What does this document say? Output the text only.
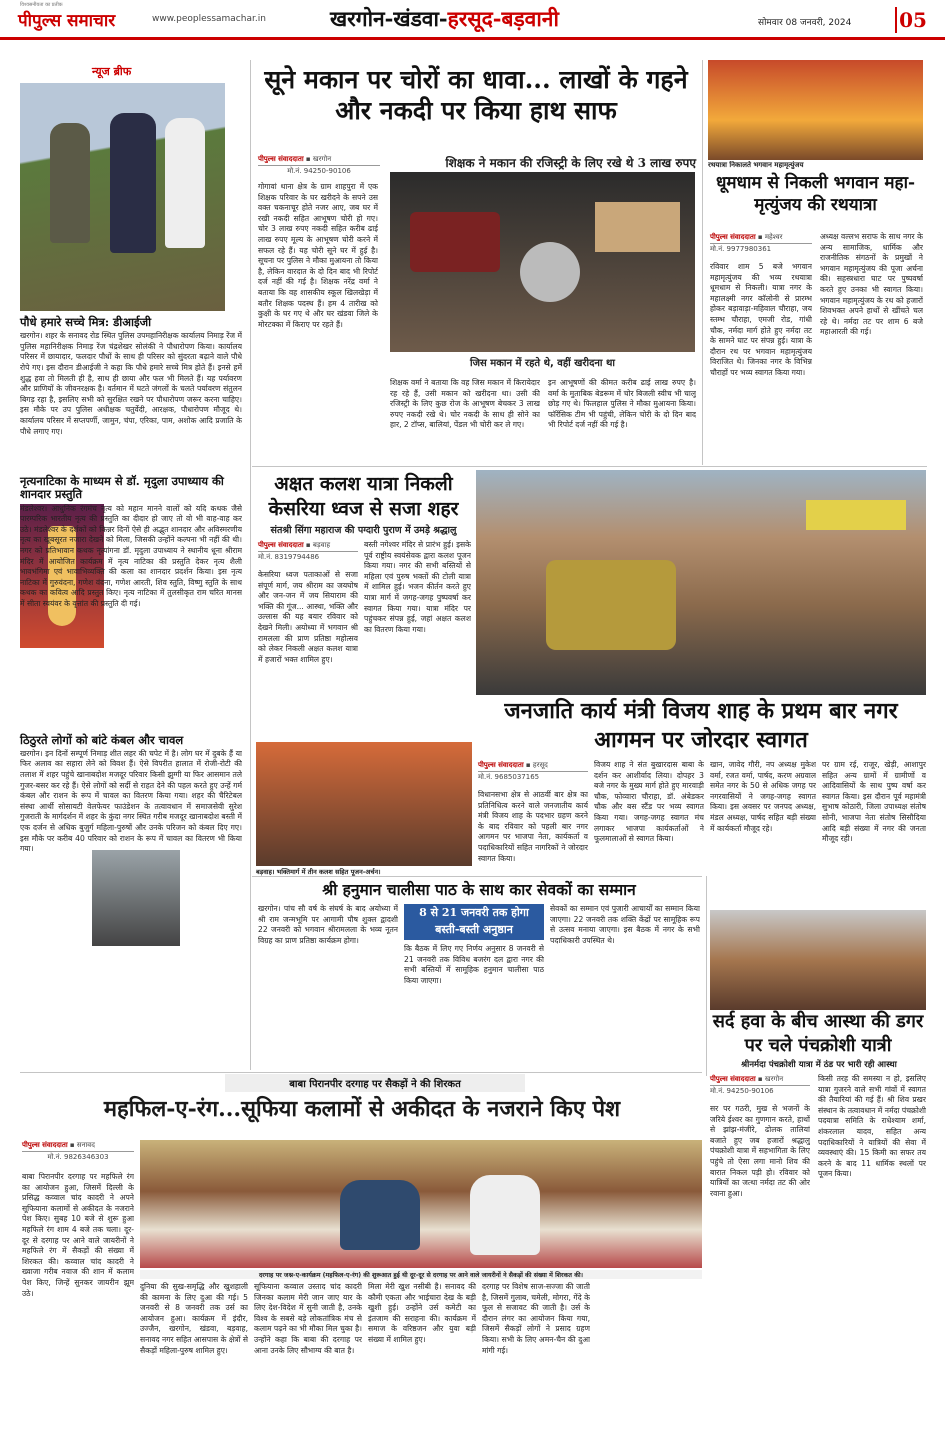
विश्वसनीयता का प्रतीक
पीपुल्स समाचार	www.peoplessamachar.in	खरगोन-खंडवा-हरसूद-बड़वानी	सोमवार 08 जनवरी, 2024 05
न्यूज ब्रीफ
पौधे हमारे सच्चे मित्र: डीआईजी
खरगोन। शहर के सनावद रोड स्थित पुलिस उपमहानिरीक्षक कार्यालय निमाड़ रेंज में पुलिस महानिरीक्षक निमाड़ रेंज चंद्रशेखर सोलंकी ने पौधारोपण किया। कार्यालय परिसर में छायादार, फलदार पौधों के साथ ही परिसर को सुंदरता बढ़ाने वाले पौधे रोपे गए। इस दौरान डीआईजी ने कहा कि पौधे हमारे सच्चे मित्र होते हैं। इनसे हमें शुद्ध हवा तो मिलती ही है, साथ ही छाया और फल भी मिलते हैं। यह पर्यावरण और प्राणियों के जीवनरक्षक है। वर्तमान में घटते जंगलों के चलते पर्यावरण संतुलन बिगड़ रहा है, इसलिए सभी को सुरक्षित रखने पर पौधारोपण जरूर करना चाहिए। इस मौके पर उप पुलिस अधीक्षक चतुर्वेदी, आरक्षक, पौधारोपण मौजूद थे। कार्यालय परिसर में सप्तपर्णी, जामुन, चंपा, एरिका, पाम, अशोक आदि प्रजाति के पौधे लगाए गए।
नृत्यनाटिका के माध्यम से डॉ. मृदुला उपाध्याय की शानदार प्रस्तुति
मंडलेश्वर। आधुनिक रंगमंच नृत्य को महान मानने वालों को यदि कथक जैसे पारम्परिक भारतीय नृत्य की प्रस्तुति का दीदार हो जाए तो वो भी वाह-वाह कर उठे। मंडलेश्वर के दर्शकों को किन्नर दिनों ऐसे ही अद्भुत शानदार और अविस्मरणीय नृत्य का खूबसूरत नजारा देखने को मिला, जिसकी उन्होंने कल्पना भी नहीं की थी। नगर को प्रतिभावान कथक नृत्यांगना डॉ. मृदुला उपाध्याय ने स्थानीय धूना श्रीराम मंदिर में आयोजित कार्यक्रम में नृत्य नाटिका की प्रस्तुति देकर नृत्य शैली भावभंगिमा एवं भावाभिव्यक्ति की कला का शानदार प्रदर्शन किया। इस नृत्य नाटिका में गुरुवंदना, गणेश वंदना, गणेश आरती, शिव स्तुति, विष्णु स्तुति के साथ कथक का कवित्व आदि प्रस्तुत किए। नृत्य नाटिका में तुलसीकृत राम चरित मानस में सीता स्वयंवर के वृत्तांत की प्रस्तुति दी गई।
ठिठुरते लोगों को बांटे कंबल और चावल
खरगोन। इन दिनों सम्पूर्ण निमाड़ शीत लहर की चपेट में है। लोग घर में दुबके हैं या फिर अलाव का सहारा लेने को विवश हैं। ऐसे विपरीत हालात में रोजी-रोटी की तलाश में शहर पहुंचे खानाबदोश मजदूर परिवार किसी झुग्गी या फिर आसमान तले गुजर-बसर कर रहे हैं। ऐसे लोगों को सर्दी से राहत देने की पहल करते हुए उन्हें गर्म कंबल और राशन के रूप में चावल का वितरण किया गया। शहर की चैरिटेबल संस्था आर्थी सोसायटी वेलफेयर फाउंडेशन के तत्वावधान में समाजसेवी सुरेश गुजराती के मार्गदर्शन में शहर के कुंदा नगर स्थित गरीब मजदूर खानाबदोश बस्ती में एक दर्जन से अधिक बुजुर्ग महिला-पुरुषों और उनके परिजन को कंबल दिए गए। इस मौके पर करीब 40 परिवार को राशन के रूप में चावल का वितरण भी किया गया।
सूने मकान पर चोरों का धावा... लाखों के गहने और नकदी पर किया हाथ साफ
पीपुल्स संवाददाता ▪ खरगोन
मो.नं. 94250-90106
शिक्षक ने मकान की रजिस्ट्री के लिए रखे थे 3 लाख रुपए
गोगावां थाना क्षेत्र के ग्राम शाहपुरा में एक शिक्षक परिवार के घर खरीदने के सपने उस वक्त चकनाचूर होते नजर आए, जब घर में रखी नकदी सहित आभूषण चोरी हो गए। चोर 3 लाख रुपए नकदी सहित करीब ढाई लाख रुपए मूल्य के आभूषण चोरी करने में सफल रहे हैं। यह चोरी सूने घर में हुई है। सूचना पर पुलिस ने मौका मुआयना तो किया है, लेकिन वारदात के दो दिन बाद भी रिपोर्ट दर्ज नहीं की गई है। शिक्षक नरेंद्र वर्मा ने बताया कि वह शासकीय स्कूल खिलखेड़ा में बतौर शिक्षक पदस्थ हैं। हम 4 तारीख को कुक्षी के घर गए थे और घर खंडवा जिले के मोरटक्का में किराए पर रहते हैं।
जिस मकान में रहते थे, वहीं खरीदना था
शिक्षक वर्मा ने बताया कि वह जिस मकान में किरायेदार रह रहे हैं, उसी मकान को खरीदना था। उसी की रजिस्ट्री के लिए कुछ रोज के आभूषण बेचकर 3 लाख रुपए नकदी रखे थे। चोर नकदी के साथ ही सोने का हार, 2 टॉप्स, बालियां, पेंडल भी चोरी कर ले गए।
इन आभूषणों की कीमत करीब ढाई लाख रुपए है। वर्मा के मुताबिक बेडरूम में चोर बिजली स्वीच भी चालू छोड़ गए थे। फिलहाल पुलिस ने मौका मुआयना किया। फॉरेंसिक टीम भी पहुंची, लेकिन चोरी के दो दिन बाद भी रिपोर्ट दर्ज नहीं की गई है।
रथयात्रा निकालते भगवान महामृत्युंजय
धूमधाम से निकली भगवान महा-मृत्युंजय की रथयात्रा
पीपुल्स संवाददाता ▪ महेश्वर
मो.नं. 9977980361
रविवार शाम 5 बजे भगवान महामृत्युंजय की भव्य रथयात्रा धूमधाम से निकली। यात्रा नगर के महालक्ष्मी नगर कॉलोनी से प्रारम्भ होकर बड़ावाड़ा-महिवाल चौराहा, जय स्तम्भ चौराहा, एमजी रोड, गांधी चौक, नर्मदा मार्ग होते हुए नर्मदा तट के सामने घाट पर संपन्न हुई। यात्रा के दौरान रथ पर भगवान महामृत्युंजय विराजित थे। जिनका नगर के विभिन्न चौराहों पर भव्य स्वागत किया गया।
अध्यक्ष वल्लभ सराफ के साथ नगर के अन्य सामाजिक, धार्मिक और राजनीतिक संगठनों के प्रमुखों ने भगवान महामृत्युंजय की पूजा अर्चना की। सहस्त्रधारा घाट पर पुष्पवर्षा करते हुए उनका भी स्वागत किया। भगवान महामृत्युंजय के रथ को हजारों शिवभक्त अपने हाथों से खींचते चल रहे थे। नर्मदा तट पर शाम 6 बजे महाआरती की गई।
अक्षत कलश यात्रा निकली केसरिया ध्वज से सजा शहर
संतश्री सिंगा महाराज की पग्दारी पुराण में उमड़े श्रद्धालु
पीपुल्स संवाददाता ▪ बड़वाह
मो.नं. 8319794486
केसरिया ध्वज पताकाओं से सजा संपूर्ण मार्ग, जय श्रीराम का जयघोष और जन-जन में जय सियाराम की भक्ति की गूंज... आस्था, भक्ति और उल्लास की यह बयार रविवार को देखने मिली। अयोध्या में भगवान श्री रामलला की प्राण प्रतिष्ठा महोत्सव को लेकर निकली अक्षत कलश यात्रा में हजारों भक्त शामिल हुए।
बस्ती नगेश्वर मंदिर से प्रारंभ हुई। इसके पूर्व राष्ट्रीय स्वयंसेवक द्वारा कलश पूजन किया गया। नगर की सभी बस्तियों से महिला एवं पुरुष भक्तों की टोली यात्रा में शामिल हुई। भजन कीर्तन करते हुए यात्रा मार्ग में जगह-जगह पुष्पवर्षा कर स्वागत किया गया। यात्रा मंदिर पर पहुंचकर संपन्न हुई, जहां अक्षत कलश का वितरण किया गया।
बड़वाह। भक्तिमार्ग में तीन कलश सहित पूजन-अर्चन।
जनजाति कार्य मंत्री विजय शाह के प्रथम बार नगर आगमन पर जोरदार स्वागत
पीपुल्स संवाददाता ▪ हरसूद
मो.नं. 9685037165
विधानसभा क्षेत्र से आठवीं बार क्षेत्र का प्रतिनिधित्व करने वाले जनजातीय कार्य मंत्री विजय शाह के पदभार ग्रहण करने के बाद रविवार को पहली बार नगर आगमन पर भाजपा नेता, कार्यकर्ता व पदाधिकारियों सहित नागरिकों ने जोरदार स्वागत किया।
विजय शाह ने संत बुखारदास बाबा के दर्शन कर आशीर्वाद लिया। दोपहर 3 बजे नगर के मुख्य मार्ग होते हुए मारवाड़ी चौक, फोव्वारा चौराहा, डॉ. अंबेडकर चौक और बस स्टैंड पर भव्य स्वागत किया गया। जगह-जगह स्वागत मंच लगाकर भाजपा कार्यकर्ताओं ने फूलमालाओं से स्वागत किया।
खान, जावेद गौरी, नप अध्यक्ष मुकेश वर्मा, रजत वर्मा, पार्षद, करण अग्रवाल समेत नगर के 50 से अधिक जगह पर नगरवासियों ने जगह-जगह स्वागत किया। इस अवसर पर जनपद अध्यक्ष, मंडल अध्यक्ष, पार्षद सहित बड़ी संख्या में कार्यकर्ता मौजूद रहे।
पर ग्राम रई, राजूर, खेड़ी, आशापुर सहित अन्य ग्रामों में ग्रामीणों व आदिवासियों के साथ पुष्प वर्षा कर स्वागत किया। इस दौरान पूर्व महामंत्री सुभाष कोठारी, जिला उपाध्यक्ष संतोष सोनी, भाजपा नेता संतोष सिसौदिया आदि बड़ी संख्या में नगर की जनता मौजूद रही।
श्री हनुमान चालीसा पाठ के साथ कार सेवकों का सम्मान
खरगोन। पांच सौ वर्ष के संघर्ष के बाद अयोध्या में श्री राम जन्मभूमि पर आगामी पौष शुक्ल द्वादशी 22 जनवरी को भगवान श्रीरामलला के भव्य नूतन विग्रह का प्राण प्रतिष्ठा कार्यक्रम होगा।
8 से 21 जनवरी तक होगा
बस्ती-बस्ती अनुष्ठान
कि बैठक में लिए गए निर्णय अनुसार 8 जनवरी से 21 जनवरी तक विविध बजरंग दल द्वारा नगर की सभी बस्तियों में सामूहिक हनुमान चालीसा पाठ किया जाएगा।
सेवकों का सम्मान एवं पुजारी आचार्यों का सम्मान किया जाएगा। 22 जनवरी तक शक्ति केंद्रों पर सामूहिक रूप से उत्सव मनाया जाएगा। इस बैठक में नगर के सभी पदाधिकारी उपस्थित थे।
सर्द हवा के बीच आस्था की डगर पर चले पंचक्रोशी यात्री
श्रीनर्मदा पंचक्रोशी यात्रा में ठंड पर भारी रही आस्था
पीपुल्स संवाददाता ▪ खरगोन
मो.नं. 94250-90106
सर पर गठरी, मुख से भजनों के जरिये ईश्वर का गुणगान करते, हाथों से झांझ-मंजीरे, ढोलक तालियां बजाते हुए जब हजारों श्रद्धालु पंचक्रोशी यात्रा में सहभागिता के लिए पहुंचे तो ऐसा लगा मानो शिव की बारात निकल पड़ी हो। रविवार को यात्रियों का जत्था नर्मदा तट की ओर रवाना हुआ।
किसी तरह की समस्या न हो, इसलिए यात्रा गुजरने वाले सभी गांवों में स्वागत की तैयारियां की गई हैं। श्री शिव प्रखर संस्थान के तत्वावधान में नर्मदा पंचक्रोशी पदयात्रा समिति के राधेश्याम शर्मा, शंकरलाल यादव, सहित अन्य पदाधिकारियों ने यात्रियों की सेवा में व्यवस्थाएं की। 15 किमी का सफर तय करने के बाद 11 धार्मिक स्थलों पर पूजन किया।
बाबा पिरानपीर दरगाह पर सैकड़ों ने की शिरकत
महफिल-ए-रंग...सूफिया कलामों से अकीदत के नजराने किए पेश
पीपुल्स संवाददाता ▪ सनावद
मो.नं. 9826346303
बाबा पिरानपीर दरगाह पर महफिले रंग का आयोजन हुआ, जिसमें दिल्ली के प्रसिद्ध कव्वाल चांद कादरी ने अपने सूफियाना कलामों से अकीदत के नजराने पेश किए। सुबह 10 बजे से शुरू हुआ महफिले रंग शाम 4 बजे तक चला। दूर-दूर से दरगाह पर आने वाले जायरीनों ने महफिले रंग में सैकड़ों की संख्या में शिरकत की। कव्वाल चांद कादरी ने ख्वाजा गरीब नवाज की शान में कलाम पेश किए, जिन्हें सुनकर जायरीन झूम उठे।
दरगाह पर जश्न-ए-कार्यक्रम (महफिल-ए-रंग) की शुरूआत हुई थी दूर-दूर से दरगाह पर आने वाले जायरीनों ने सैकड़ों की संख्या में शिरकत की।
दुनिया की सुख-समृद्धि और खुशहाली की कामना के लिए दुआ की गई। 5 जनवरी से 8 जनवरी तक उर्स का आयोजन हुआ। कार्यक्रम में इंदौर, उज्जैन, खरगोन, खंडवा, बड़वाह, सनावद नगर सहित आसपास के क्षेत्रों से सैकड़ों महिला-पुरुष शामिल हुए।
सूफियाना कव्वाल उस्ताद चांद कादरी जिनका कलाम मेरी जान जाए यार के लिए देश-विदेश में सुनी जाती है, उनके विश्व के सबसे बड़े लोकतांत्रिक मंच से कलाम पढ़ने का भी मौका मिल चुका है। उन्होंने कहा कि बाबा की दरगाह पर आना उनके लिए सौभाग्य की बात है।
मिला मेरी खुश नसीबी है। सनावद की कौमी एकता और भाईचारा देख के बड़ी खुशी हुई। उन्होंने उर्स कमेटी का इंतजाम की सराहना की। कार्यक्रम में समाज के वरिष्ठजन और युवा बड़ी संख्या में शामिल हुए।
दरगाह पर विशेष साज-सज्जा की जाती है, जिसमें गुलाब, चमेली, मोगरा, गेंदे के फूल से सजावट की जाती है। उर्स के दौरान लंगर का आयोजन किया गया, जिसमें सैकड़ों लोगों ने प्रसाद ग्रहण किया। सभी के लिए अमन-चैन की दुआ मांगी गई।
